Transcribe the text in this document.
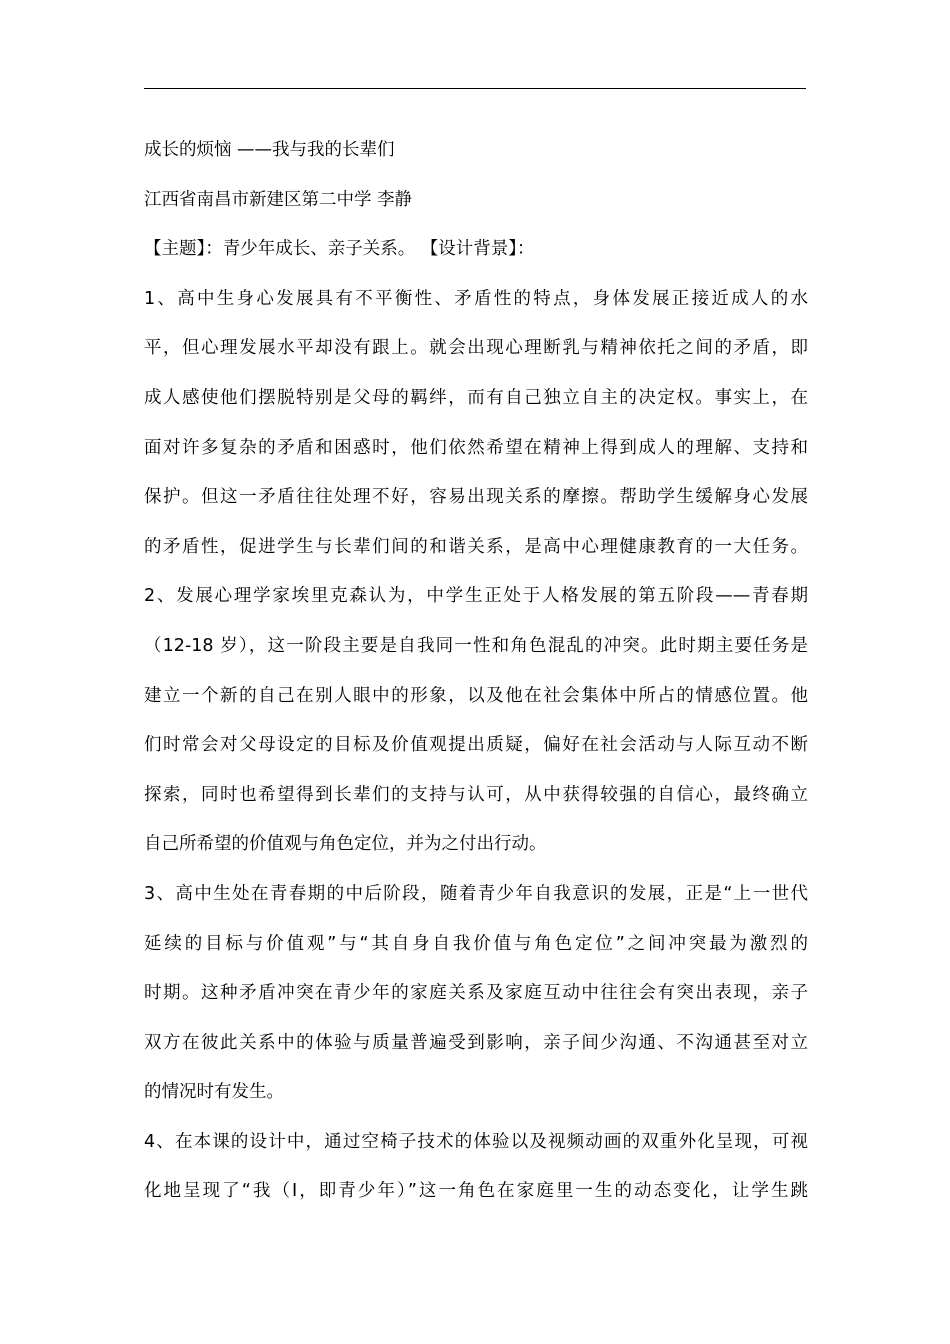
成长的烦恼 ——我与我的长辈们
江西省南昌市新建区第二中学 李静
【主题】：青少年成长、亲子关系。 【设计背景】：
1、高中生身心发展具有不平衡性、矛盾性的特点，身体发展正接近成人的水
平，但心理发展水平却没有跟上。就会出现心理断乳与精神依托之间的矛盾，即
成人感使他们摆脱特别是父母的羁绊，而有自己独立自主的决定权。事实上，在
面对许多复杂的矛盾和困惑时，他们依然希望在精神上得到成人的理解、支持和
保护。但这一矛盾往往处理不好，容易出现关系的摩擦。帮助学生缓解身心发展
的矛盾性，促进学生与长辈们间的和谐关系，是高中心理健康教育的一大任务。
2、发展心理学家埃里克森认为，中学生正处于人格发展的第五阶段——青春期
（12-18 岁），这一阶段主要是自我同一性和角色混乱的冲突。此时期主要任务是
建立一个新的自己在别人眼中的形象，以及他在社会集体中所占的情感位置。他
们时常会对父母设定的目标及价值观提出质疑，偏好在社会活动与人际互动不断
探索，同时也希望得到长辈们的支持与认可，从中获得较强的自信心，最终确立
自己所希望的价值观与角色定位，并为之付出行动。
3、高中生处在青春期的中后阶段，随着青少年自我意识的发展，正是“上一世代
延续的目标与价值观”与“其自身自我价值与角色定位”之间冲突最为激烈的
时期。这种矛盾冲突在青少年的家庭关系及家庭互动中往往会有突出表现，亲子
双方在彼此关系中的体验与质量普遍受到影响，亲子间少沟通、不沟通甚至对立
的情况时有发生。
4、在本课的设计中，通过空椅子技术的体验以及视频动画的双重外化呈现，可视
化地呈现了“我（I，即青少年）”这一角色在家庭里一生的动态变化，让学生跳
